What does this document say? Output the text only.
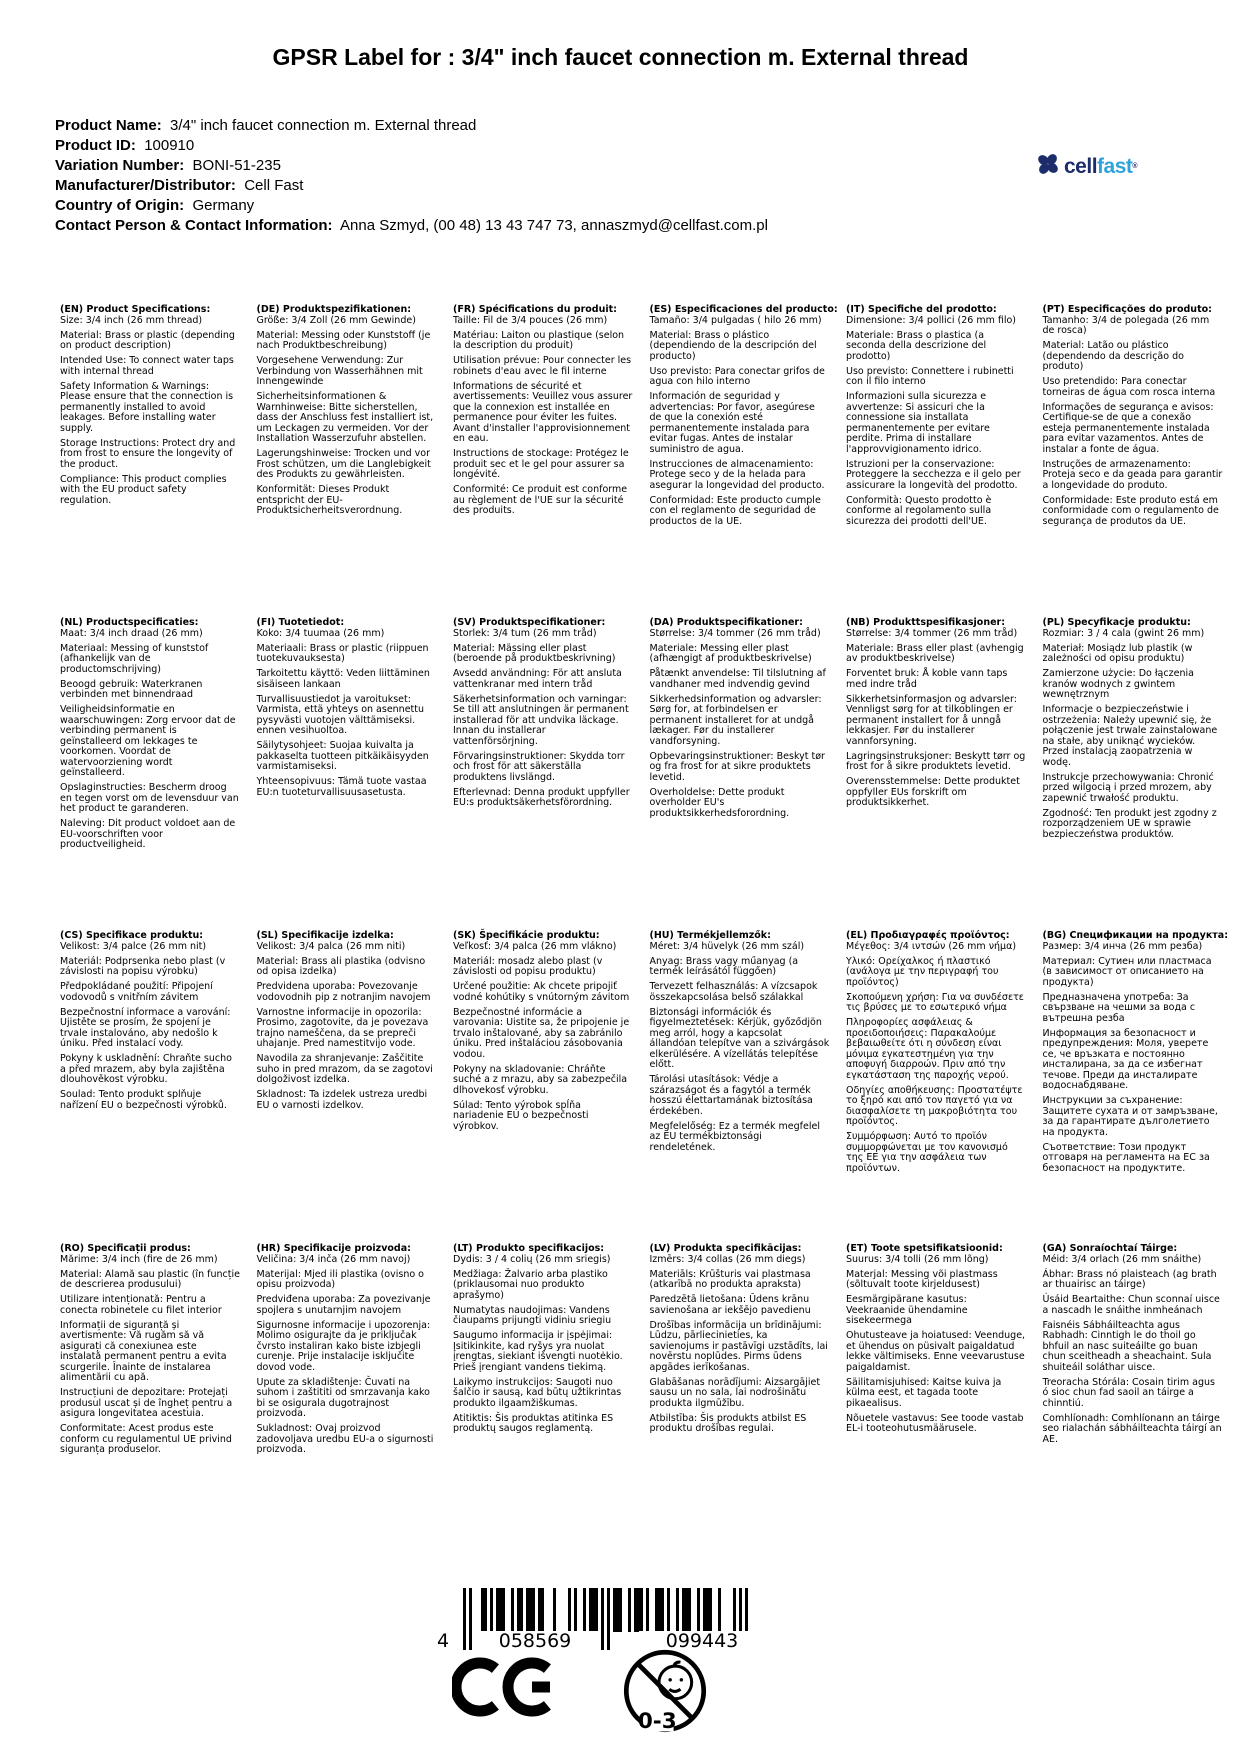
GPSR Label for : 3/4" inch faucet connection m. External thread
Product Name: 3/4" inch faucet connection m. External thread
Product ID: 100910
Variation Number: BONI-51-235
Manufacturer/Distributor: Cell Fast
Country of Origin: Germany
Contact Person & Contact Information: Anna Szmyd, (00 48) 13 43 747 73, annaszmyd@cellfast.com.pl
cellfast®
(EN) Product Specifications:

Size: 3/4 inch (26 mm thread)

Material: Brass or plastic (depending on product description)

Intended Use: To connect water taps with internal thread

Safety Information & Warnings: Please ensure that the connection is permanently installed to avoid leakages. Before installing water supply.

Storage Instructions: Protect dry and from frost to ensure the longevity of the product.

Compliance: This product complies with the EU product safety regulation.

(DE) Produktspezifikationen:

Größe: 3/4 Zoll (26 mm Gewinde)

Material: Messing oder Kunststoff (je nach Produktbeschreibung)

Vorgesehene Verwendung: Zur Verbindung von Wasserhähnen mit Innengewinde

Sicherheitsinformationen & Warnhinweise: Bitte sicherstellen, dass der Anschluss fest installiert ist, um Leckagen zu vermeiden. Vor der Installation Wasserzufuhr abstellen.

Lagerungshinweise: Trocken und vor Frost schützen, um die Langlebigkeit des Produkts zu gewährleisten.

Konformität: Dieses Produkt entspricht der EU-Produktsicherheitsverordnung.

(FR) Spécifications du produit:

Taille: Fil de 3/4 pouces (26 mm)

Matériau: Laiton ou plastique (selon la description du produit)

Utilisation prévue: Pour connecter les robinets d'eau avec le fil interne

Informations de sécurité et avertissements: Veuillez vous assurer que la connexion est installée en permanence pour éviter les fuites. Avant d'installer l'approvisionnement en eau.

Instructions de stockage: Protégez le produit sec et le gel pour assurer sa longévité.

Conformité: Ce produit est conforme au règlement de l'UE sur la sécurité des produits.

(ES) Especificaciones del producto:

Tamaño: 3/4 pulgadas ( hilo 26 mm)

Material: Brass o plástico (dependiendo de la descripción del producto)

Uso previsto: Para conectar grifos de agua con hilo interno

Información de seguridad y advertencias: Por favor, asegúrese de que la conexión esté permanentemente instalada para evitar fugas. Antes de instalar suministro de agua.

Instrucciones de almacenamiento: Protege seco y de la helada para asegurar la longevidad del producto.

Conformidad: Este producto cumple con el reglamento de seguridad de productos de la UE.

(IT) Specifiche del prodotto:

Dimensione: 3/4 pollici (26 mm filo)

Materiale: Brass o plastica (a seconda della descrizione del prodotto)

Uso previsto: Connettere i rubinetti con il filo interno

Informazioni sulla sicurezza e avvertenze: Si assicuri che la connessione sia installata permanentemente per evitare perdite. Prima di installare l'approvvigionamento idrico.

Istruzioni per la conservazione: Proteggere la secchezza e il gelo per assicurare la longevità del prodotto.

Conformità: Questo prodotto è conforme al regolamento sulla sicurezza dei prodotti dell'UE.

(PT) Especificações do produto:

Tamanho: 3/4 de polegada (26 mm de rosca)

Material: Latão ou plástico (dependendo da descrição do produto)

Uso pretendido: Para conectar torneiras de água com rosca interna

Informações de segurança e avisos: Certifique-se de que a conexão esteja permanentemente instalada para evitar vazamentos. Antes de instalar a fonte de água.

Instruções de armazenamento: Proteja seco e da geada para garantir a longevidade do produto.

Conformidade: Este produto está em conformidade com o regulamento de segurança de produtos da UE.

(NL) Productspecificaties:

Maat: 3/4 inch draad (26 mm)

Materiaal: Messing of kunststof (afhankelijk van de productomschrijving)

Beoogd gebruik: Waterkranen verbinden met binnendraad

Veiligheidsinformatie en waarschuwingen: Zorg ervoor dat de verbinding permanent is geïnstalleerd om lekkages te voorkomen. Voordat de watervoorziening wordt geïnstalleerd.

Opslaginstructies: Bescherm droog en tegen vorst om de levensduur van het product te garanderen.

Naleving: Dit product voldoet aan de EU-voorschriften voor productveiligheid.

(FI) Tuotetiedot:

Koko: 3/4 tuumaa (26 mm)

Materiaali: Brass or plastic (riippuen tuotekuvauksesta)

Tarkoitettu käyttö: Veden liittäminen sisäiseen lankaan

Turvallisuustiedot ja varoitukset: Varmista, että yhteys on asennettu pysyvästi vuotojen välttämiseksi. ennen vesihuoltoa.

Säilytysohjeet: Suojaa kuivalta ja pakkaselta tuotteen pitkäikäisyyden varmistamiseksi.

Yhteensopivuus: Tämä tuote vastaa EU:n tuoteturvallisuusasetusta.

(SV) Produktspecifikationer:

Storlek: 3/4 tum (26 mm tråd)

Material: Mässing eller plast (beroende på produktbeskrivning)

Avsedd användning: För att ansluta vattenkranar med intern tråd

Säkerhetsinformation och varningar: Se till att anslutningen är permanent installerad för att undvika läckage. Innan du installerar vattenförsörjning.

Förvaringsinstruktioner: Skydda torr och frost för att säkerställa produktens livslängd.

Efterlevnad: Denna produkt uppfyller EU:s produktsäkerhetsförordning.

(DA) Produktspecifikationer:

Størrelse: 3/4 tommer (26 mm tråd)

Materiale: Messing eller plast (afhængigt af produktbeskrivelse)

Påtænkt anvendelse: Til tilslutning af vandhaner med indvendig gevind

Sikkerhedsinformation og advarsler: Sørg for, at forbindelsen er permanent installeret for at undgå lækager. Før du installerer vandforsyning.

Opbevaringsinstruktioner: Beskyt tør og fra frost for at sikre produktets levetid.

Overholdelse: Dette produkt overholder EU's produktsikkerhedsforordning.

(NB) Produkttspesifikasjoner:

Størrelse: 3/4 tommer (26 mm tråd)

Materiale: Brass eller plast (avhengig av produktbeskrivelse)

Forventet bruk: Å koble vann taps med indre tråd

Sikkerhetsinformasjon og advarsler: Vennligst sørg for at tilkoblingen er permanent installert for å unngå lekkasjer. Før du installerer vannforsyning.

Lagringsinstruksjoner: Beskytt tørr og frost for å sikre produktets levetid.

Overensstemmelse: Dette produktet oppfyller EUs forskrift om produktsikkerhet.

(PL) Specyfikacje produktu:

Rozmiar: 3 / 4 cala (gwint 26 mm)

Materiał: Mosiądz lub plastik (w zależności od opisu produktu)

Zamierzone użycie: Do łączenia kranów wodnych z gwintem wewnętrznym

Informacje o bezpieczeństwie i ostrzeżenia: Należy upewnić się, że połączenie jest trwale zainstalowane na stałe, aby uniknąć wycieków. Przed instalacją zaopatrzenia w wodę.

Instrukcje przechowywania: Chronić przed wilgocią i przed mrozem, aby zapewnić trwałość produktu.

Zgodność: Ten produkt jest zgodny z rozporządzeniem UE w sprawie bezpieczeństwa produktów.

(CS) Specifikace produktu:

Velikost: 3/4 palce (26 mm nit)

Materiál: Podprsenka nebo plast (v závislosti na popisu výrobku)

Předpokládané použití: Připojení vodovodů s vnitřním závitem

Bezpečnostní informace a varování: Ujistěte se prosím, že spojení je trvale instalováno, aby nedošlo k úniku. Před instalací vody.

Pokyny k uskladnění: Chraňte sucho a před mrazem, aby byla zajištěna dlouhověkost výrobku.

Soulad: Tento produkt splňuje nařízení EU o bezpečnosti výrobků.

(SL) Specifikacije izdelka:

Velikost: 3/4 palca (26 mm niti)

Material: Brass ali plastika (odvisno od opisa izdelka)

Predvidena uporaba: Povezovanje vodovodnih pip z notranjim navojem

Varnostne informacije in opozorila: Prosimo, zagotovite, da je povezava trajno nameščena, da se prepreči uhajanje. Pred namestitvijo vode.

Navodila za shranjevanje: Zaščitite suho in pred mrazom, da se zagotovi dolgoživost izdelka.

Skladnost: Ta izdelek ustreza uredbi EU o varnosti izdelkov.

(SK) Špecifikácie produktu:

Veľkosť: 3/4 palca (26 mm vlákno)

Materiál: mosadz alebo plast (v závislosti od popisu produktu)

Určené použitie: Ak chcete pripojiť vodné kohútiky s vnútorným závitom

Bezpečnostné informácie a varovania: Uistite sa, že pripojenie je trvalo inštalované, aby sa zabránilo úniku. Pred inštaláciou zásobovania vodou.

Pokyny na skladovanie: Chráňte suché a z mrazu, aby sa zabezpečila dlhovekosť výrobku.

Súlad: Tento výrobok spĺňa nariadenie EÚ o bezpečnosti výrobkov.

(HU) Termékjellemzők:

Méret: 3/4 hüvelyk (26 mm szál)

Anyag: Brass vagy műanyag (a termék leírásától függően)

Tervezett felhasználás: A vízcsapok összekapcsolása belső szálakkal

Biztonsági információk és figyelmeztetések: Kérjük, győződjön meg arról, hogy a kapcsolat állandóan telepítve van a szivárgások elkerülésére. A vízellátás telepítése előtt.

Tárolási utasítások: Védje a szárazságot és a fagytól a termék hosszú élettartamának biztosítása érdekében.

Megfelelőség: Ez a termék megfelel az EU termékbiztonsági rendeletének.

(EL) Προδιαγραφές προϊόντος:

Μέγεθος: 3/4 ιντσών (26 mm νήμα)

Υλικό: Ορείχαλκος ή πλαστικό (ανάλογα με την περιγραφή του προϊόντος)

Σκοπούμενη χρήση: Για να συνδέσετε τις βρύσες με το εσωτερικό νήμα

Πληροφορίες ασφάλειας & προειδοποιήσεις: Παρακαλούμε βεβαιωθείτε ότι η σύνδεση είναι μόνιμα εγκατεστημένη για την αποφυγή διαρροών. Πριν από την εγκατάσταση της παροχής νερού.

Οδηγίες αποθήκευσης: Προστατέψτε το ξηρό και από τον παγετό για να διασφαλίσετε τη μακροβιότητα του προϊόντος.

Συμμόρφωση: Αυτό το προϊόν συμμορφώνεται με τον κανονισμό της ΕΕ για την ασφάλεια των προϊόντων.

(BG) Спецификации на продукта:

Размер: 3/4 инча (26 mm резба)

Материал: Сутиен или пластмаса (в зависимост от описанието на продукта)

Предназначена употреба: За свързване на чешми за вода с вътрешна резба

Информация за безопасност и предупреждения: Моля, уверете се, че връзката е постоянно инсталирана, за да се избегнат течове. Преди да инсталирате водоснабдяване.

Инструкции за съхранение: Защитете сухата и от замръзване, за да гарантирате дълголетието на продукта.

Съответствие: Този продукт отговаря на регламента на ЕС за безопасност на продуктите.

(RO) Specificații produs:

Mărime: 3/4 inch (fire de 26 mm)

Material: Alamă sau plastic (în funcție de descrierea produsului)

Utilizare intenționată: Pentru a conecta robinetele cu filet interior

Informații de siguranță și avertismente: Vă rugăm să vă asigurați că conexiunea este instalată permanent pentru a evita scurgerile. Înainte de instalarea alimentării cu apă.

Instrucțiuni de depozitare: Protejați produsul uscat și de îngheț pentru a asigura longevitatea acestuia.

Conformitate: Acest produs este conform cu regulamentul UE privind siguranța produselor.

(HR) Specifikacije proizvoda:

Veličina: 3/4 inča (26 mm navoj)

Materijal: Mjed ili plastika (ovisno o opisu proizvoda)

Predviđena uporaba: Za povezivanje spojlera s unutarnjim navojem

Sigurnosne informacije i upozorenja: Molimo osigurajte da je priključak čvrsto instaliran kako biste izbjegli curenje. Prije instalacije isključite dovod vode.

Upute za skladištenje: Čuvati na suhom i zaštititi od smrzavanja kako bi se osigurala dugotrajnost proizvoda.

Sukladnost: Ovaj proizvod zadovoljava uredbu EU-a o sigurnosti proizvoda.

(LT) Produkto specifikacijos:

Dydis: 3 / 4 colių (26 mm sriegis)

Medžiaga: Žalvario arba plastiko (priklausomai nuo produkto aprašymo)

Numatytas naudojimas: Vandens čiaupams prijungti vidiniu sriegiu

Saugumo informacija ir įspėjimai: Įsitikinkite, kad ryšys yra nuolat įrengtas, siekiant išvengti nuotėkio. Prieš įrengiant vandens tiekimą.

Laikymo instrukcijos: Saugoti nuo šalčio ir sausą, kad būtų užtikrintas produkto ilgaamžiškumas.

Atitiktis: Šis produktas atitinka ES produktų saugos reglamentą.

(LV) Produkta specifikācijas:

Izmērs: 3/4 collas (26 mm diegs)

Materiāls: Krūšturis vai plastmasa (atkarībā no produkta apraksta)

Paredzētā lietošana: Ūdens krānu savienošana ar iekšējo pavedienu

Drošības informācija un brīdinājumi: Lūdzu, pārliecinieties, ka savienojums ir pastāvīgi uzstādīts, lai novērstu noplūdes. Pirms ūdens apgādes ierīkošanas.

Glabāšanas norādījumi: Aizsargājiet sausu un no sala, lai nodrošinātu produkta ilgmūžību.

Atbilstība: Šis produkts atbilst ES produktu drošības regulai.

(ET) Toote spetsifikatsioonid:

Suurus: 3/4 tolli (26 mm lõng)

Materjal: Messing või plastmass (sõltuvalt toote kirjeldusest)

Eesmärgipärane kasutus: Veekraanide ühendamine sisekeermega

Ohutusteave ja hoiatused: Veenduge, et ühendus on püsivalt paigaldatud lekke vältimiseks. Enne veevarustuse paigaldamist.

Säilitamisjuhised: Kaitse kuiva ja külma eest, et tagada toote pikaealisus.

Nõuetele vastavus: See toode vastab EL-i tooteohutusmäärusele.

(GA) Sonraíochtaí Táirge:

Méid: 3/4 orlach (26 mm snáithe)

Ábhar: Brass nó plaisteach (ag brath ar thuairisc an táirge)

Úsáid Beartaithe: Chun sconnaí uisce a nascadh le snáithe inmheánach

Faisnéis Sábháilteachta agus Rabhadh: Cinntigh le do thoil go bhfuil an nasc suiteáilte go buan chun sceitheadh a sheachaint. Sula shuiteáil soláthar uisce.

Treoracha Stórála: Cosain tirim agus ó sioc chun fad saoil an táirge a chinntiú.

Comhlíonadh: Comhlíonann an táirge seo rialachán sábháilteachta táirgí an AE.

4	058569	099443
0-3
